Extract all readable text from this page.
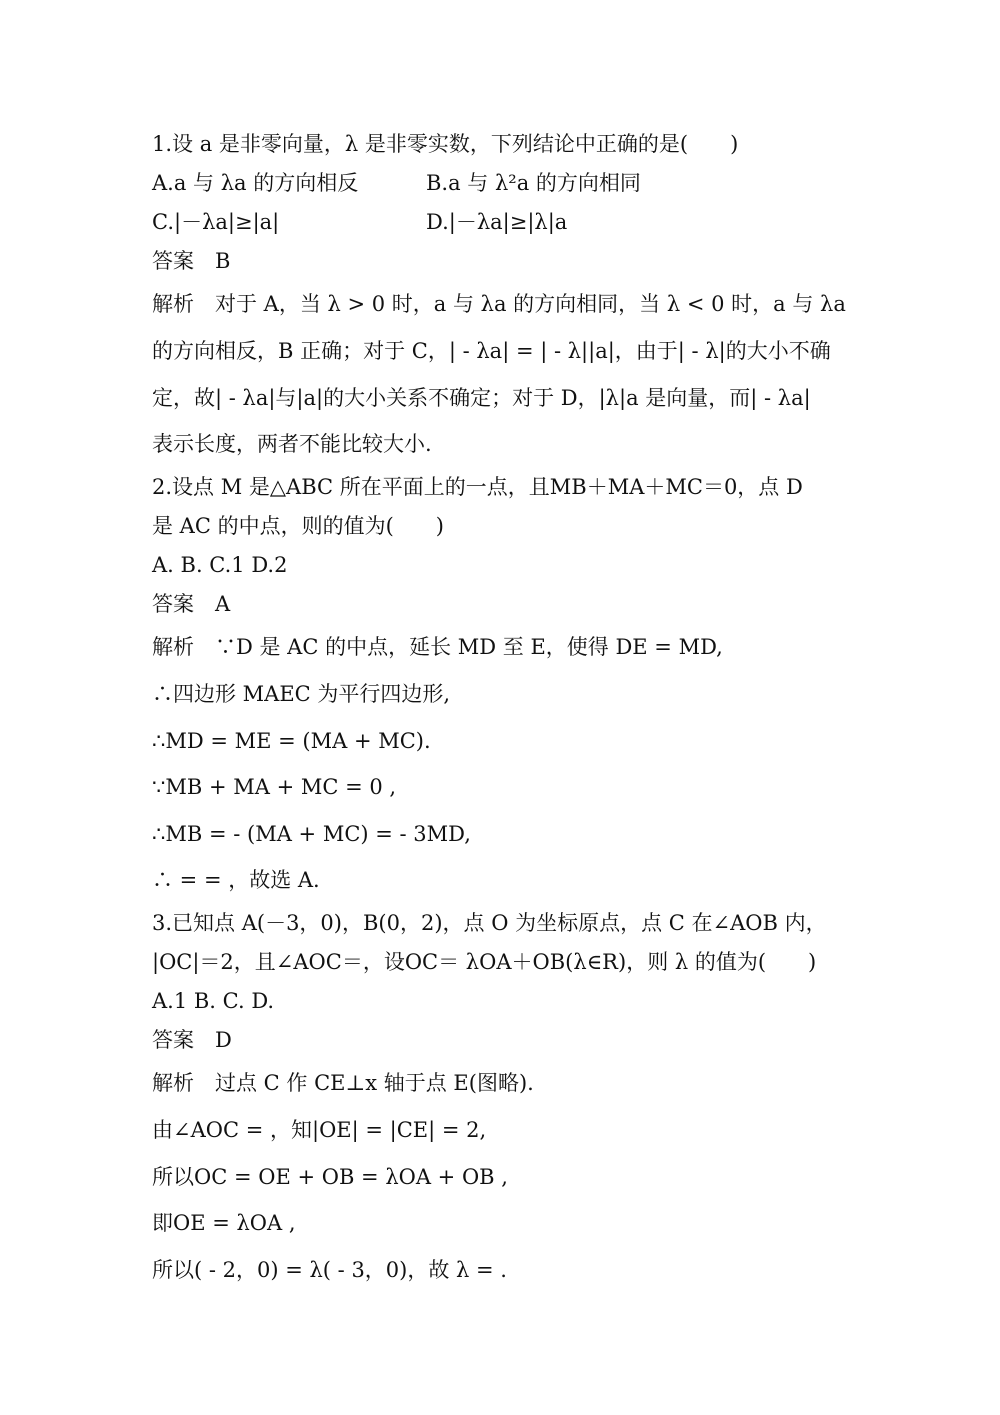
1.设 a 是非零向量，λ 是非零实数，下列结论中正确的是(　　)
A.a 与 λa 的方向相反	B.a 与 λ²a 的方向相同
C.|－λa|≥|a|	D.|－λa|≥|λ|a
答案　B
解析　对于 A，当 λ > 0 时，a 与 λa 的方向相同，当 λ < 0 时，a 与 λa
的方向相反，B 正确；对于 C，| - λa| = | - λ||a|，由于| - λ|的大小不确
定，故| - λa|与|a|的大小关系不确定；对于 D，|λ|a 是向量，而| - λa|
表示长度，两者不能比较大小.
2.设点 M 是△ABC 所在平面上的一点，且MB＋MA＋MC＝0，点 D
是 AC 的中点，则的值为(　　)
A. B. C.1 D.2
答案　A
解析　∵D 是 AC 的中点，延长 MD 至 E，使得 DE = MD,
∴四边形 MAEC 为平行四边形,
∴MD = ME = (MA + MC).
∵MB + MA + MC = 0 ,
∴MB = - (MA + MC) = - 3MD,
∴ = = ，故选 A.
3.已知点 A(－3，0)，B(0，2)，点 O 为坐标原点，点 C 在∠AOB 内，
|OC|＝2，且∠AOC＝，设OC＝ λOA＋OB(λ∈R)，则 λ 的值为(　　)
A.1 B. C. D.
答案　D
解析　过点 C 作 CE⊥x 轴于点 E(图略).
由∠AOC = ，知|OE| = |CE| = 2,
所以OC = OE + OB = λOA + OB ,
即OE = λOA ,
所以( - 2，0) = λ( - 3，0)，故 λ = .
